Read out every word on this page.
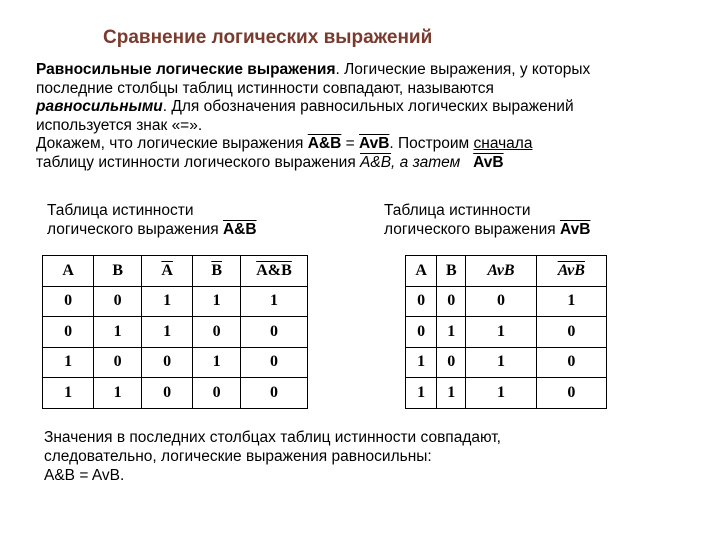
Сравнение логических выражений
Равносильные логические выражения. Логические выражения, у которых
последние столбцы таблиц истинности совпадают, называются
равносильными. Для обозначения равносильных логических выражений
используется знак «=».
Докажем, что логические выражения A&B = $\overline{AvB}$. Построим сначала
таблицу истинности логического выражения A&B, а затем $\overline{AvB}$
Таблица истинности
логического выражения A&B
Таблица истинности
логического выражения $\overline{AvB}$
A	B	$\overline{A}$	$\overline{B}$	A&B
0	0	1	1	1
0	1	1	0	0
1	0	0	1	0
1	1	0	0	0
A	B	AvB	$\overline{AvB}$
0	0	0	1
0	1	1	0
1	0	1	0
1	1	1	0
Значения в последних столбцах таблиц истинности совпадают,
следовательно, логические выражения равносильны:
A&B = AvB.
